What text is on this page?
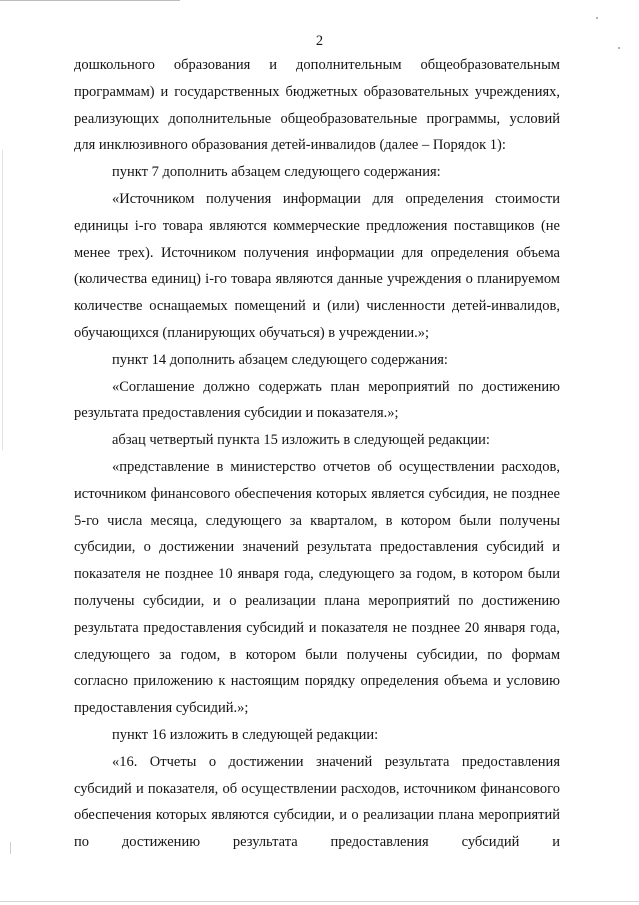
2

дошкольного образования и дополнительным общеобразовательным программам) и государственных бюджетных образовательных учреждениях, реализующих дополнительные общеобразовательные программы, условий для инклюзивного образования детей-инвалидов (далее – Порядок 1):

пункт 7 дополнить абзацем следующего содержания:

«Источником получения информации для определения стоимости единицы i-го товара являются коммерческие предложения поставщиков (не менее трех). Источником получения информации для определения объема (количества единиц) i-го товара являются данные учреждения о планируемом количестве оснащаемых помещений и (или) численности детей-инвалидов, обучающихся (планирующих обучаться) в учреждении.»;

пункт 14 дополнить абзацем следующего содержания:

«Соглашение должно содержать план мероприятий по достижению результата предоставления субсидии и показателя.»;

абзац четвертый пункта 15 изложить в следующей редакции:

«представление в министерство отчетов об осуществлении расходов, источником финансового обеспечения которых является субсидия, не позднее 5-го числа месяца, следующего за кварталом, в котором были получены субсидии, о достижении значений результата предоставления субсидий и показателя не позднее 10 января года, следующего за годом, в котором были получены субсидии, и о реализации плана мероприятий по достижению результата предоставления субсидий и показателя не позднее 20 января года, следующего за годом, в котором были получены субсидии, по формам согласно приложению к настоящим порядку определения объема и условию предоставления субсидий.»;

пункт 16 изложить в следующей редакции:

«16. Отчеты о достижении значений результата предоставления субсидий и показателя, об осуществлении расходов, источником финансового обеспечения которых являются субсидии, и о реализации плана мероприятий по достижению результата предоставления субсидий и
